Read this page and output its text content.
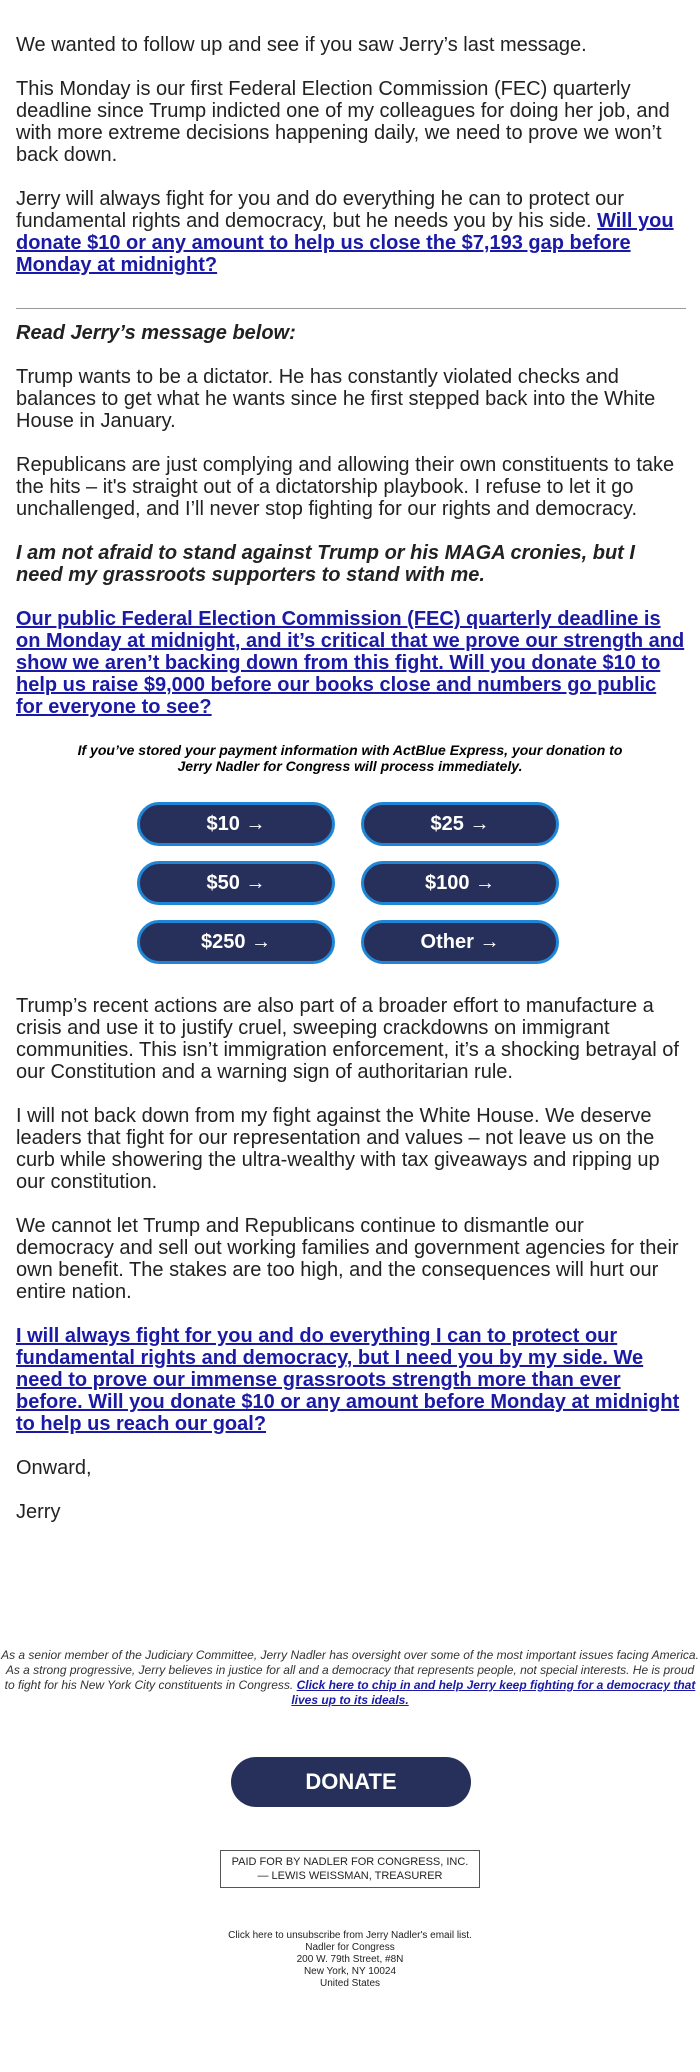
We wanted to follow up and see if you saw Jerry’s last message.

This Monday is our first Federal Election Commission (FEC) quarterly deadline since Trump indicted one of my colleagues for doing her job, and with more extreme decisions happening daily, we need to prove we won’t back down.

Jerry will always fight for you and do everything he can to protect our fundamental rights and democracy, but he needs you by his side. Will you donate $10 or any amount to help us close the $7,193 gap before Monday at midnight?

Read Jerry’s message below:

Trump wants to be a dictator. He has constantly violated checks and balances to get what he wants since he first stepped back into the White House in January.

Republicans are just complying and allowing their own constituents to take the hits – it's straight out of a dictatorship playbook. I refuse to let it go unchallenged, and I’ll never stop fighting for our rights and democracy.

I am not afraid to stand against Trump or his MAGA cronies, but I need my grassroots supporters to stand with me.

Our public Federal Election Commission (FEC) quarterly deadline is on Monday at midnight, and it’s critical that we prove our strength and show we aren’t backing down from this fight. Will you donate $10 to help us raise $9,000 before our books close and numbers go public for everyone to see?

If you’ve stored your payment information with ActBlue Express, your donation to Jerry Nadler for Congress will process immediately.

$10 →	$25 →
$50 →	$100 →
$250 →	Other →

Trump’s recent actions are also part of a broader effort to manufacture a crisis and use it to justify cruel, sweeping crackdowns on immigrant communities. This isn’t immigration enforcement, it’s a shocking betrayal of our Constitution and a warning sign of authoritarian rule.

I will not back down from my fight against the White House. We deserve leaders that fight for our representation and values – not leave us on the curb while showering the ultra-wealthy with tax giveaways and ripping up our constitution.

We cannot let Trump and Republicans continue to dismantle our democracy and sell out working families and government agencies for their own benefit. The stakes are too high, and the consequences will hurt our entire nation.

I will always fight for you and do everything I can to protect our fundamental rights and democracy, but I need you by my side. We need to prove our immense grassroots strength more than ever before. Will you donate $10 or any amount before Monday at midnight to help us reach our goal?

Onward,

Jerry

As a senior member of the Judiciary Committee, Jerry Nadler has oversight over some of the most important issues facing America. As a strong progressive, Jerry believes in justice for all and a democracy that represents people, not special interests. He is proud to fight for his New York City constituents in Congress. Click here to chip in and help Jerry keep fighting for a democracy that lives up to its ideals.

DONATE
PAID FOR BY NADLER FOR CONGRESS, INC.
— LEWIS WEISSMAN, TREASURER
Click here to unsubscribe from Jerry Nadler's email list.
Nadler for Congress
200 W. 79th Street, #8N
New York, NY 10024
United States
